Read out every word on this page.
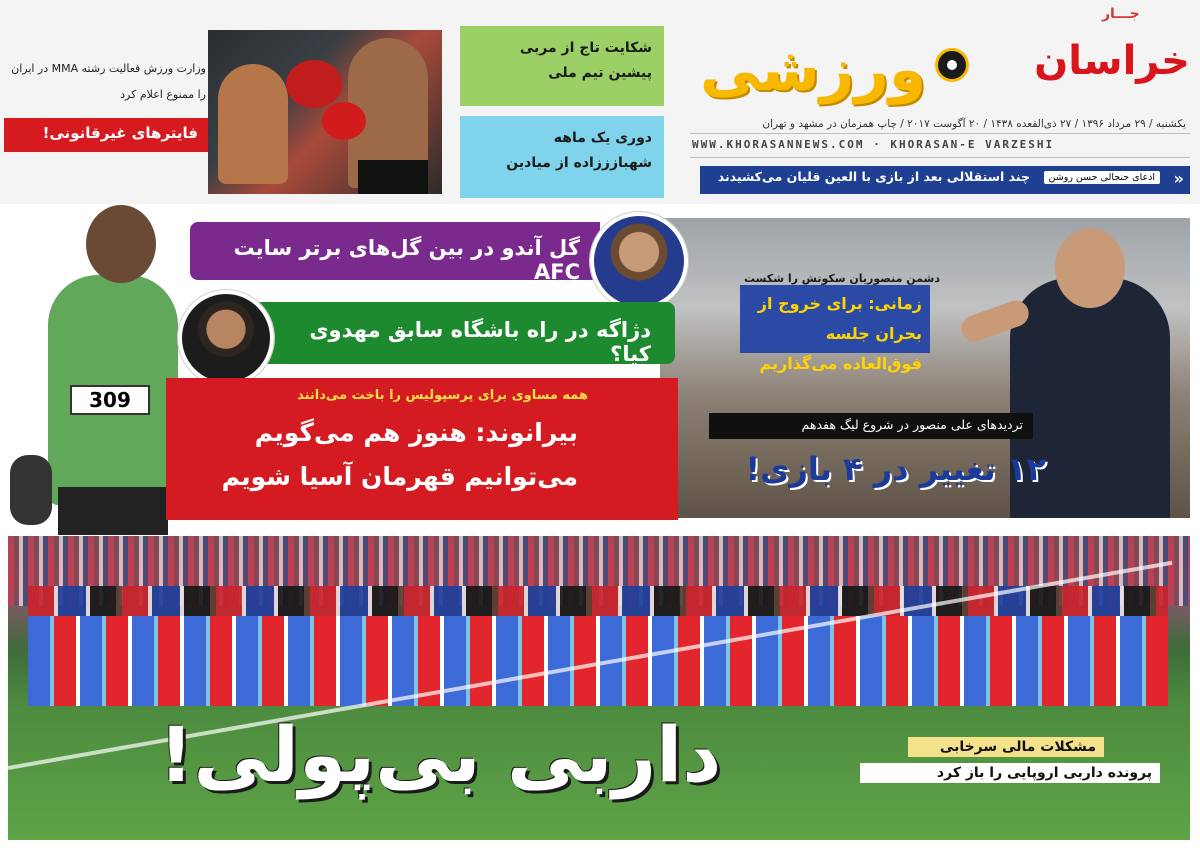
جـــار
ورزشی	خراسان
یکشنبه / ۲۹ مرداد ۱۳۹۶ / ۲۷ ذی‌القعده ۱۴۳۸ / ۲۰ آگوست ۲۰۱۷ / چاپ همزمان در مشهد و تهران
WWW.KHORASANNEWS.COM · KHORASAN-E VARZESHI
«
ادعای جنجالی حسن روشن
چند استقلالی بعد از بازی با العین قلیان می‌کشیدند
شکایت تاج از مربی پیشین تیم ملی
دوری یک ماهه شهبازززاده از میادین
وزارت ورزش فعالیت رشته MMA در ایران را ممنوع اعلام کرد
فایترهای غیرقانونی!
دشمن منصوریان سکوتش را شکست
زمانی: برای خروج از بحران جلسه فوق‌العاده می‌گذاریم
تردیدهای علی منصور در شروع لیگ هفدهم
۱۲ تغییر در ۴ بازی!
309
گل آندو در بین گل‌های برتر سایت AFC
دژاگه در راه باشگاه سابق مهدوی کیا؟
همه مساوی برای پرسپولیس را باخت می‌دانند
بیرانوند: هنوز هم می‌گویم
می‌توانیم قهرمان آسیا شویم
مشکلات مالی سرخابی
پرونده داربی اروپایی را باز کرد
داربی بی‌پولی!
